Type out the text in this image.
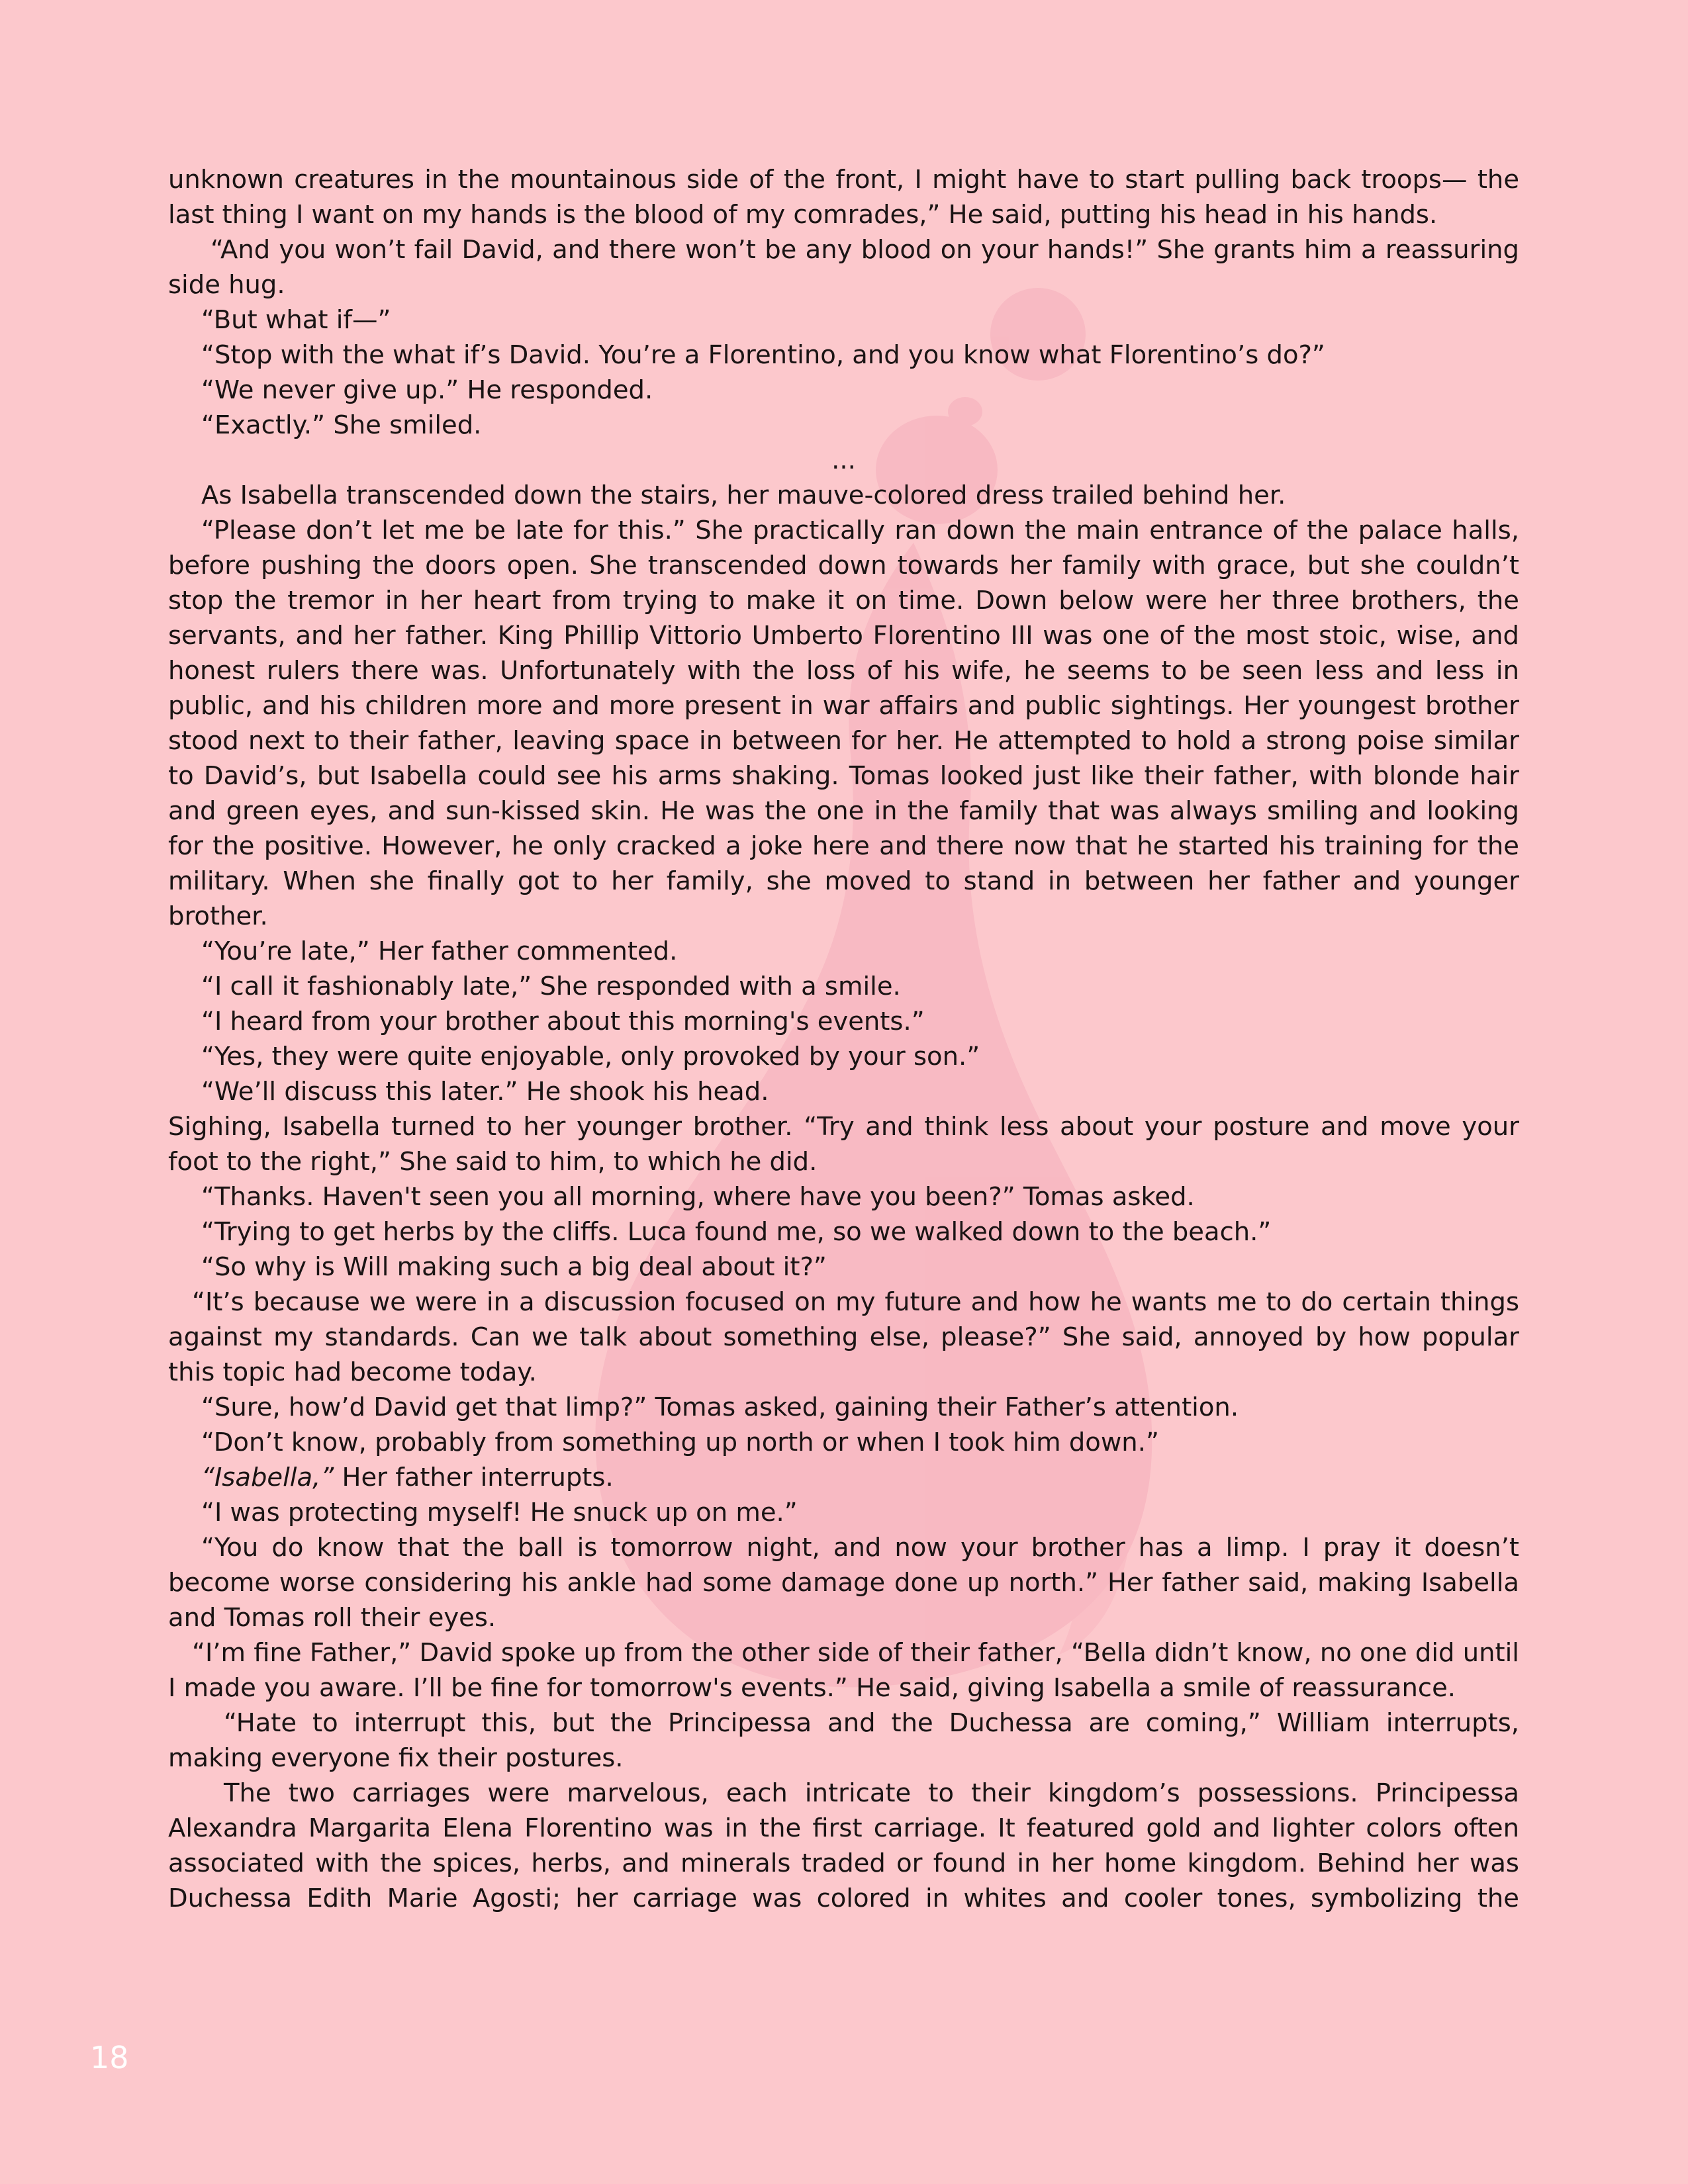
unknown creatures in the mountainous side of the front, I might have to start pulling back troops— the last thing I want on my hands is the blood of my comrades,” He said, putting his head in his hands.

“And you won’t fail David, and there won’t be any blood on your hands!” She grants him a reassuring side hug.

“But what if—”

“Stop with the what if’s David. You’re a Florentino, and you know what Florentino’s do?”

“We never give up.” He responded.

“Exactly.” She smiled.

...

As Isabella transcended down the stairs, her mauve-colored dress trailed behind her.

“Please don’t let me be late for this.” She practically ran down the main entrance of the palace halls, before pushing the doors open. She transcended down towards her family with grace, but she couldn’t stop the tremor in her heart from trying to make it on time. Down below were her three brothers, the servants, and her father. King Phillip Vittorio Umberto Florentino III was one of the most stoic, wise, and honest rulers there was. Unfortunately with the loss of his wife, he seems to be seen less and less in public, and his children more and more present in war affairs and public sightings. Her youngest brother stood next to their father, leaving space in between for her. He attempted to hold a strong poise similar to David’s, but Isabella could see his arms shaking. Tomas looked just like their father, with blonde hair and green eyes, and sun-kissed skin. He was the one in the family that was always smiling and looking for the positive. However, he only cracked a joke here and there now that he started his training for the military. When she finally got to her family, she moved to stand in between her father and younger brother.

“You’re late,” Her father commented.

“I call it fashionably late,” She responded with a smile.

“I heard from your brother about this morning's events.”

“Yes, they were quite enjoyable, only provoked by your son.”

“We’ll discuss this later.” He shook his head.

Sighing, Isabella turned to her younger brother. “Try and think less about your posture and move your foot to the right,” She said to him, to which he did.

“Thanks. Haven't seen you all morning, where have you been?” Tomas asked.

“Trying to get herbs by the cliffs. Luca found me, so we walked down to the beach.”

“So why is Will making such a big deal about it?”

“It’s because we were in a discussion focused on my future and how he wants me to do certain things against my standards. Can we talk about something else, please?” She said, annoyed by how popular this topic had become today.

“Sure, how’d David get that limp?” Tomas asked, gaining their Father’s attention.

“Don’t know, probably from something up north or when I took him down.”

“Isabella,” Her father interrupts.

“I was protecting myself! He snuck up on me.”

“You do know that the ball is tomorrow night, and now your brother has a limp. I pray it doesn’t become worse considering his ankle had some damage done up north.” Her father said, making Isabella and Tomas roll their eyes.

“I’m fine Father,” David spoke up from the other side of their father, “Bella didn’t know, no one did until I made you aware. I’ll be fine for tomorrow's events.” He said, giving Isabella a smile of reassurance.

“Hate to interrupt this, but the Principessa and the Duchessa are coming,” William interrupts, making everyone fix their postures.

The two carriages were marvelous, each intricate to their kingdom’s possessions. Principessa Alexandra Margarita Elena Florentino was in the first carriage. It featured gold and lighter colors often associated with the spices, herbs, and minerals traded or found in her home kingdom. Behind her was Duchessa Edith Marie Agosti; her carriage was colored in whites and cooler tones, symbolizing the

18
